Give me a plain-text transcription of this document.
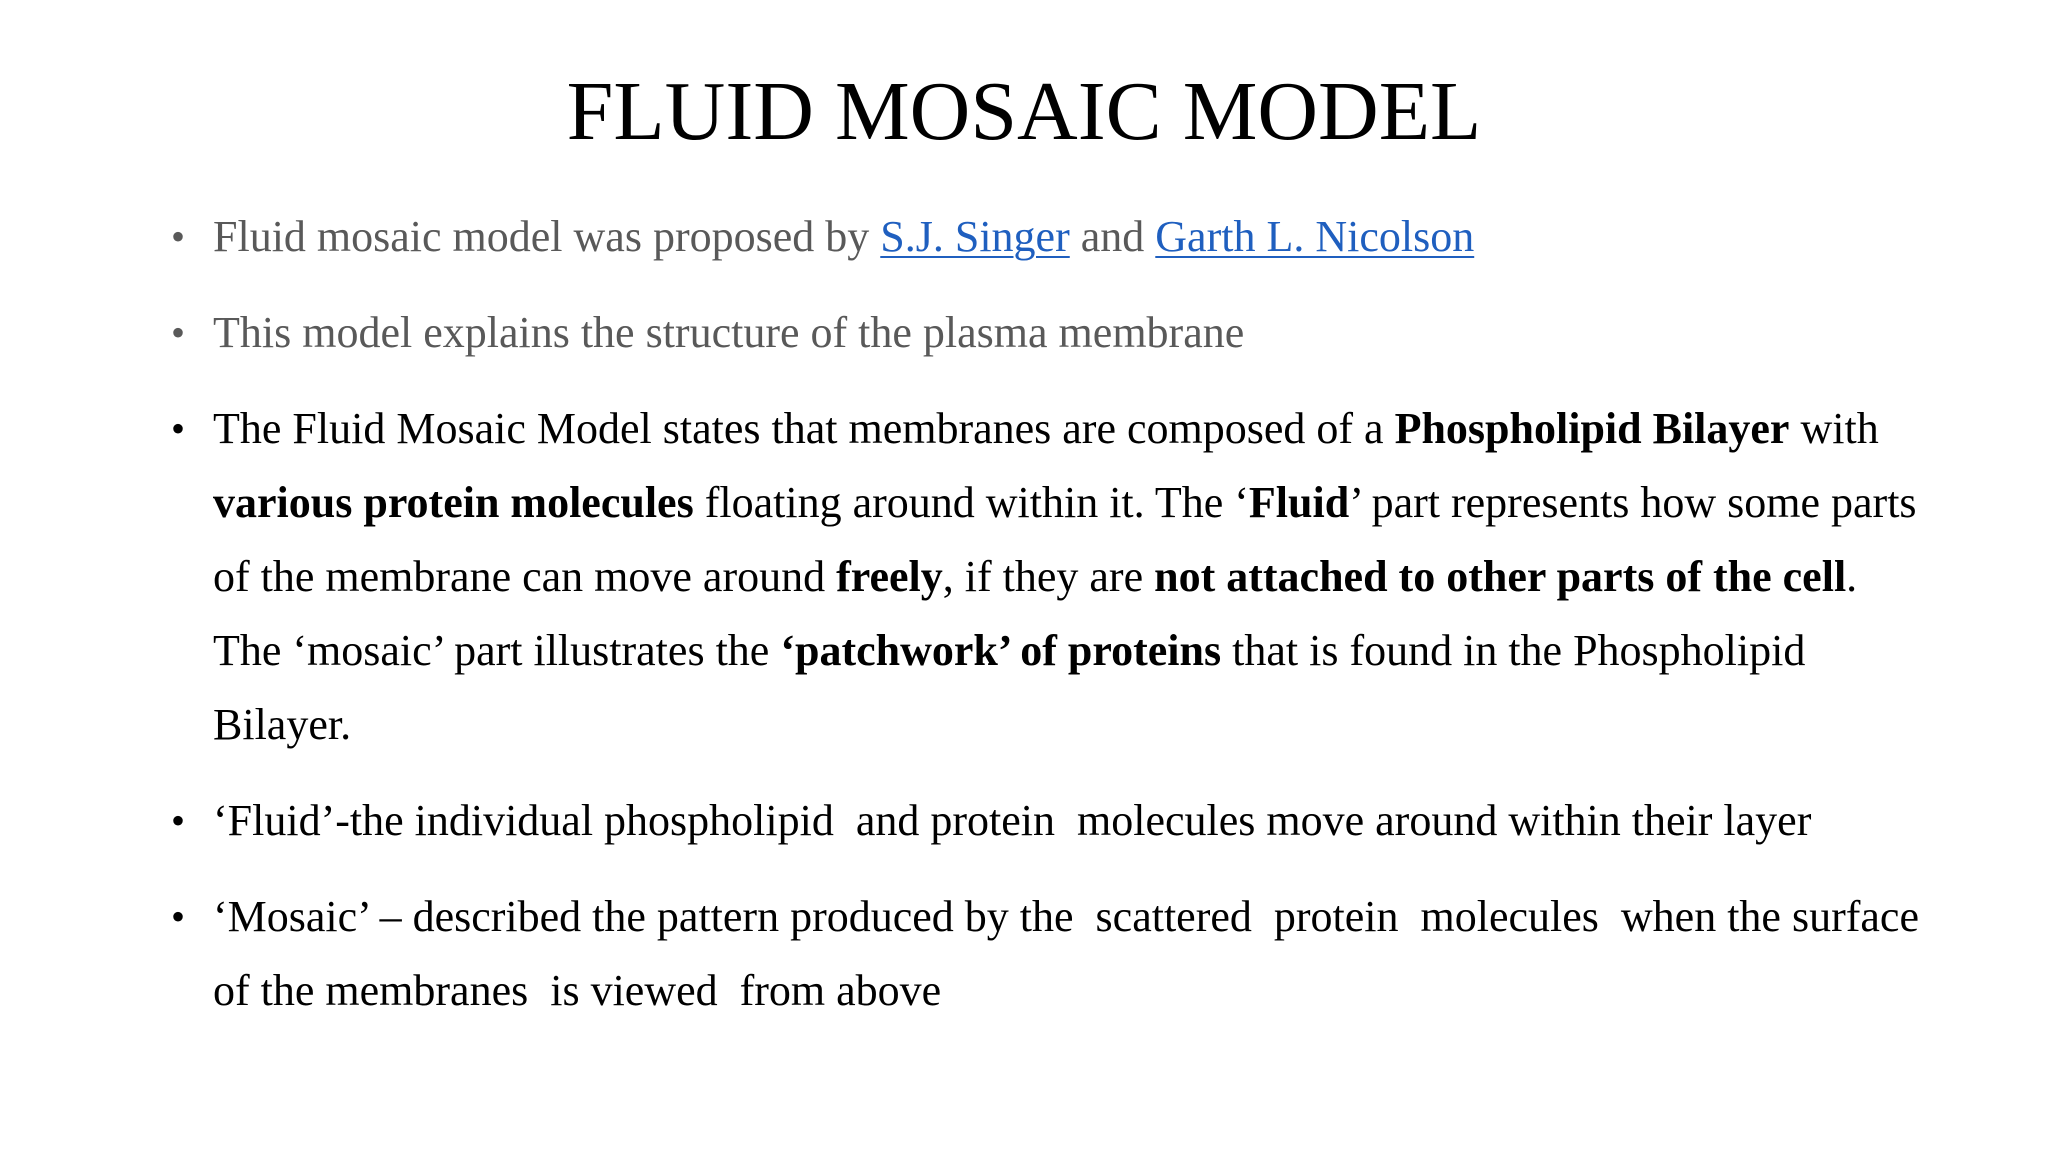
FLUID MOSAIC MODEL
• Fluid mosaic model was proposed by S.J. Singer and Garth L. Nicolson
• This model explains the structure of the plasma membrane
• The Fluid Mosaic Model states that membranes are composed of a Phospholipid Bilayer with various protein molecules floating around within it. The ‘Fluid’ part represents how some parts of the membrane can move around freely, if they are not attached to other parts of the cell. The ‘mosaic’ part illustrates the ‘patchwork’ of proteins that is found in the Phospholipid Bilayer.
• ‘Fluid’-the individual phospholipid  and protein  molecules move around within their layer
• ‘Mosaic’ – described the pattern produced by the  scattered  protein  molecules  when the surface  of the membranes  is viewed  from above
